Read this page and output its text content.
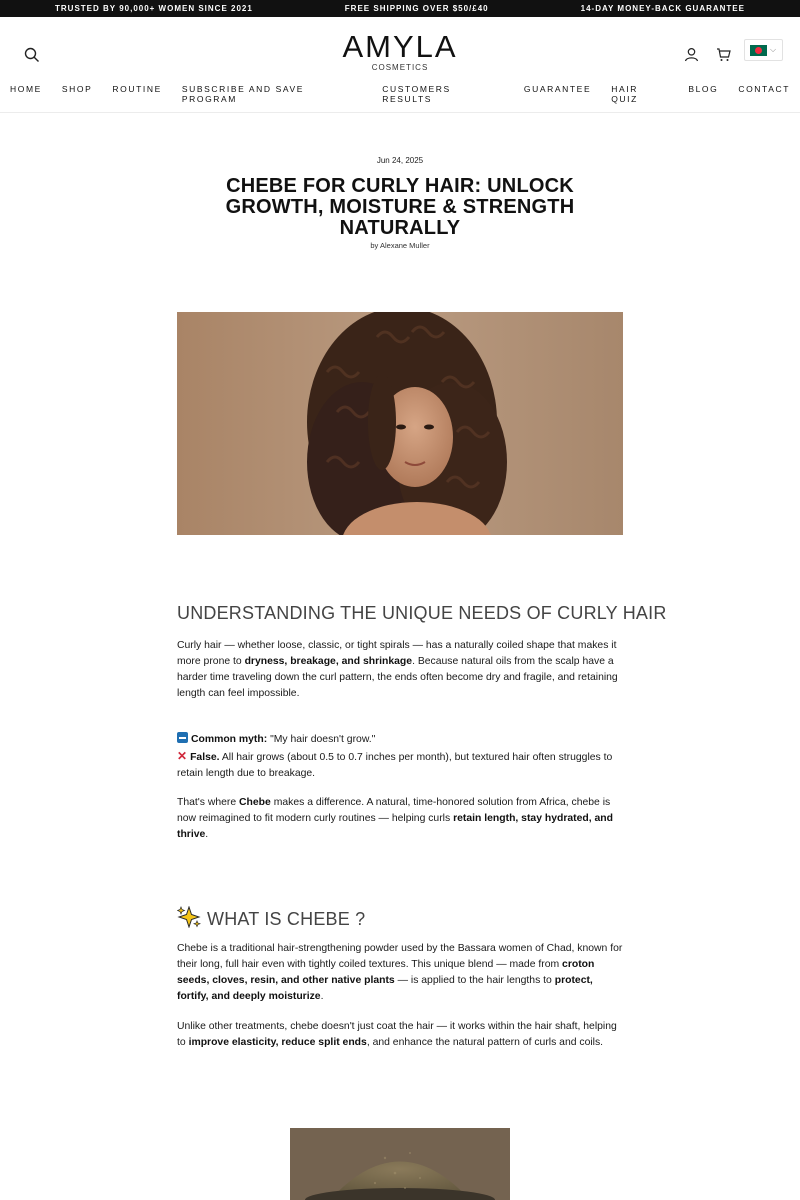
TRUSTED BY 90,000+ WOMEN SINCE 2021	FREE SHIPPING OVER $50/£40	14-DAY MONEY-BACK GUARANTEE
AMYLA
COSMETICS
⌵
HOME	SHOP	ROUTINE	SUBSCRIBE AND SAVE PROGRAM
CUSTOMERS RESULTS
GUARANTEE	HAIR QUIZ
BLOG	CONTACT
Jun 24, 2025
CHEBE FOR CURLY HAIR: UNLOCK GROWTH, MOISTURE & STRENGTH NATURALLY
by Alexane Muller
UNDERSTANDING THE UNIQUE NEEDS OF CURLY HAIR

Curly hair — whether loose, classic, or tight spirals — has a naturally coiled shape that makes it more prone to dryness, breakage, and shrinkage. Because natural oils from the scalp have a harder time traveling down the curl pattern, the ends often become dry and fragile, and retaining length can feel impossible.

Common myth: "My hair doesn't grow."
✕ False. All hair grows (about 0.5 to 0.7 inches per month), but textured hair often struggles to retain length due to breakage.

That's where Chebe makes a difference. A natural, time-honored solution from Africa, chebe is now reimagined to fit modern curly routines — helping curls retain length, stay hydrated, and thrive.

WHAT IS CHEBE ?

Chebe is a traditional hair-strengthening powder used by the Bassara women of Chad, known for their long, full hair even with tightly coiled textures. This unique blend — made from croton seeds, cloves, resin, and other native plants — is applied to the hair lengths to protect, fortify, and deeply moisturize.

Unlike other treatments, chebe doesn't just coat the hair — it works within the hair shaft, helping to improve elasticity, reduce split ends, and enhance the natural pattern of curls and coils.
